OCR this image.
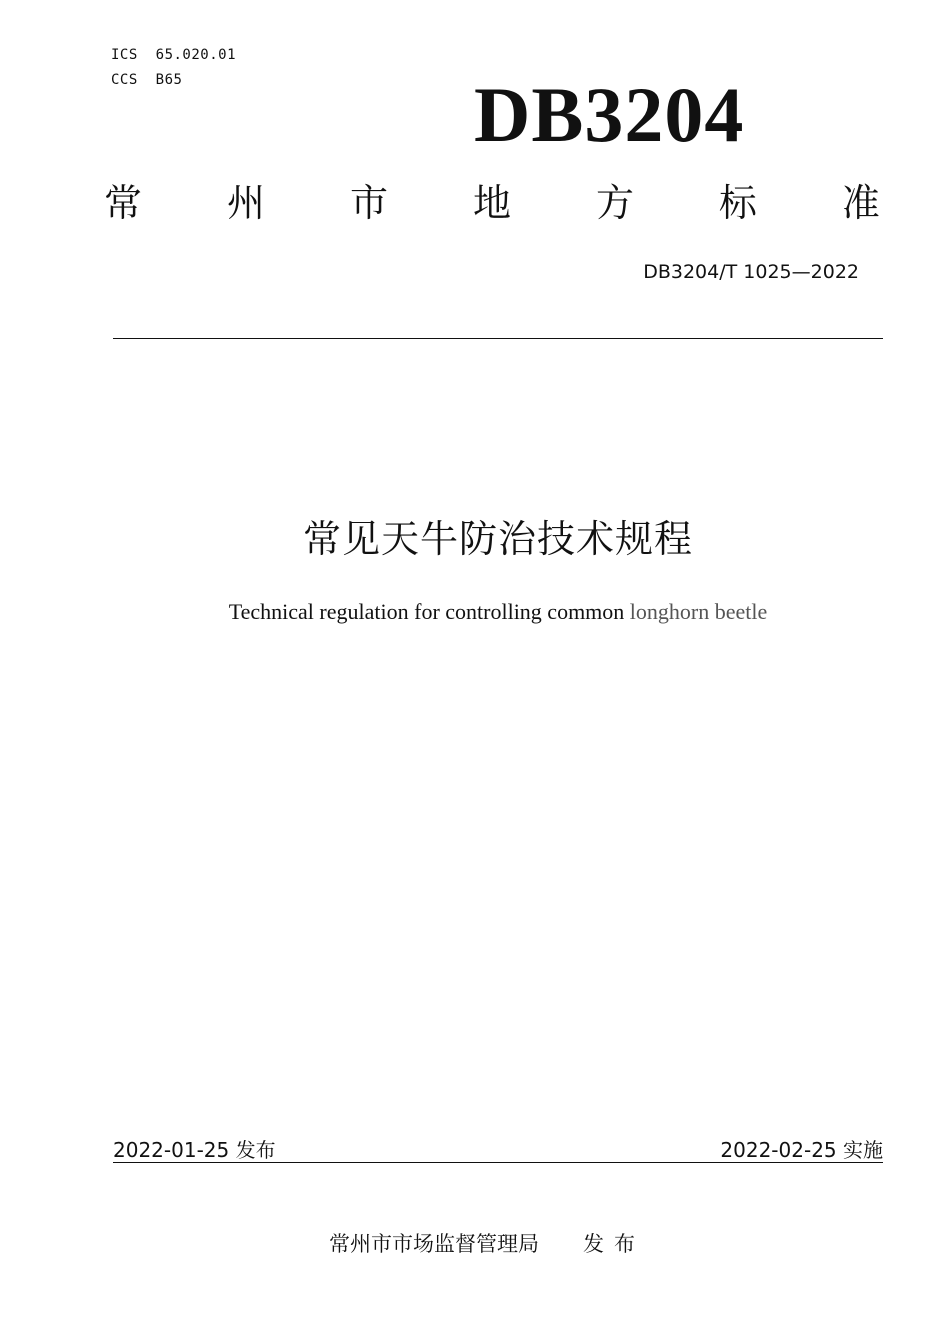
ICS  65.020.01
CCS  B65	DB3204
常 州 市 地 方 标 准
DB3204/T 1025—2022
常见天牛防治技术规程
Technical regulation for controlling common longhorn beetle
2022-01-25 发布	2022-02-25 实施
常州市市场监督管理局 发布
